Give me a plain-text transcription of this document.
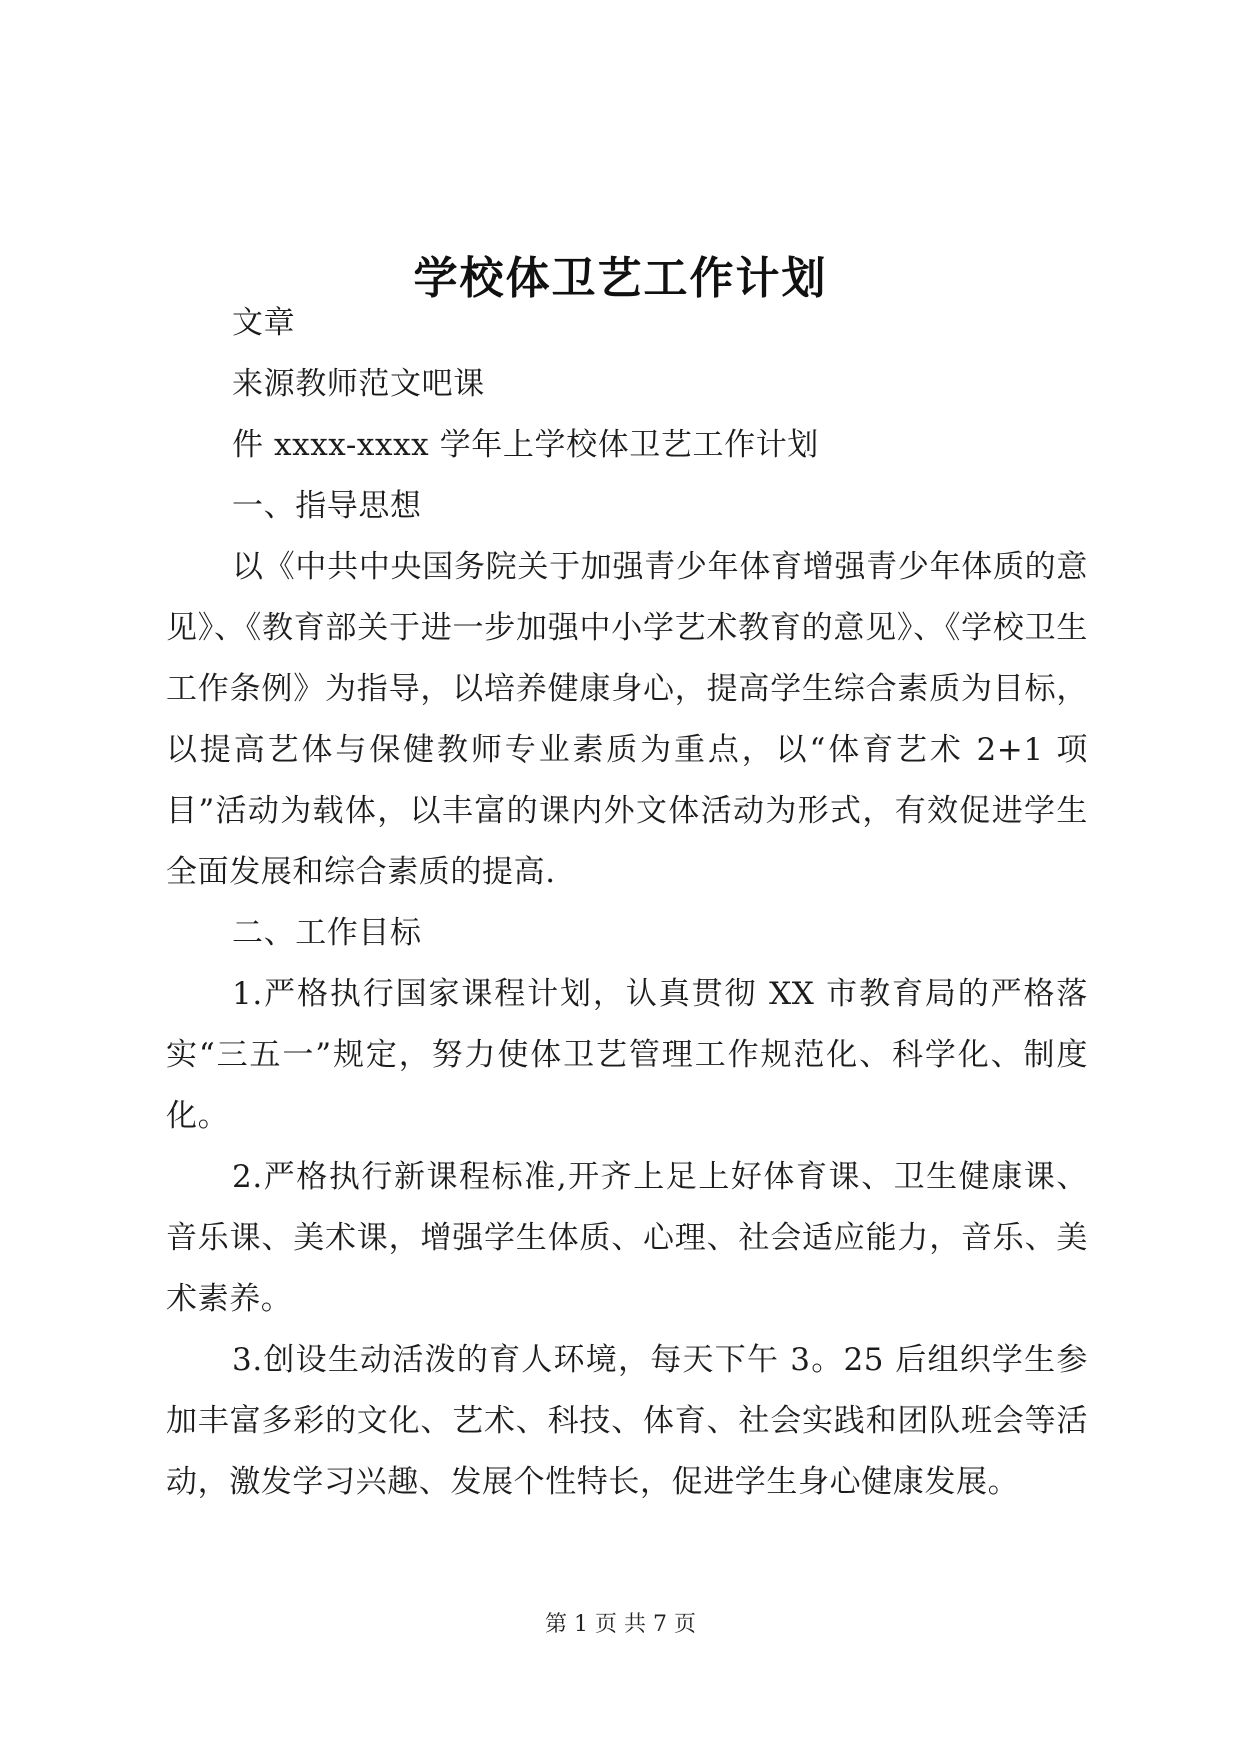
学校体卫艺工作计划

文章

来源教师范文吧课

件 xxxx-xxxx 学年上学校体卫艺工作计划

一、指导思想

以《中共中央国务院关于加强青少年体育增强青少年体质的意见》、《教育部关于进一步加强中小学艺术教育的意见》、《学校卫生工作条例》为指导，以培养健康身心，提高学生综合素质为目标，以提高艺体与保健教师专业素质为重点，以“体育艺术 2+1 项目”活动为载体，以丰富的课内外文体活动为形式，有效促进学生全面发展和综合素质的提高.

二、工作目标

1.严格执行国家课程计划，认真贯彻 XX 市教育局的严格落实“三五一”规定，努力使体卫艺管理工作规范化、科学化、制度化。

2.严格执行新课程标准,开齐上足上好体育课、卫生健康课、音乐课、美术课，增强学生体质、心理、社会适应能力，音乐、美术素养。

3.创设生动活泼的育人环境，每天下午 3。25 后组织学生参加丰富多彩的文化、艺术、科技、体育、社会实践和团队班会等活动，激发学习兴趣、发展个性特长，促进学生身心健康发展。

第 1 页 共 7 页
